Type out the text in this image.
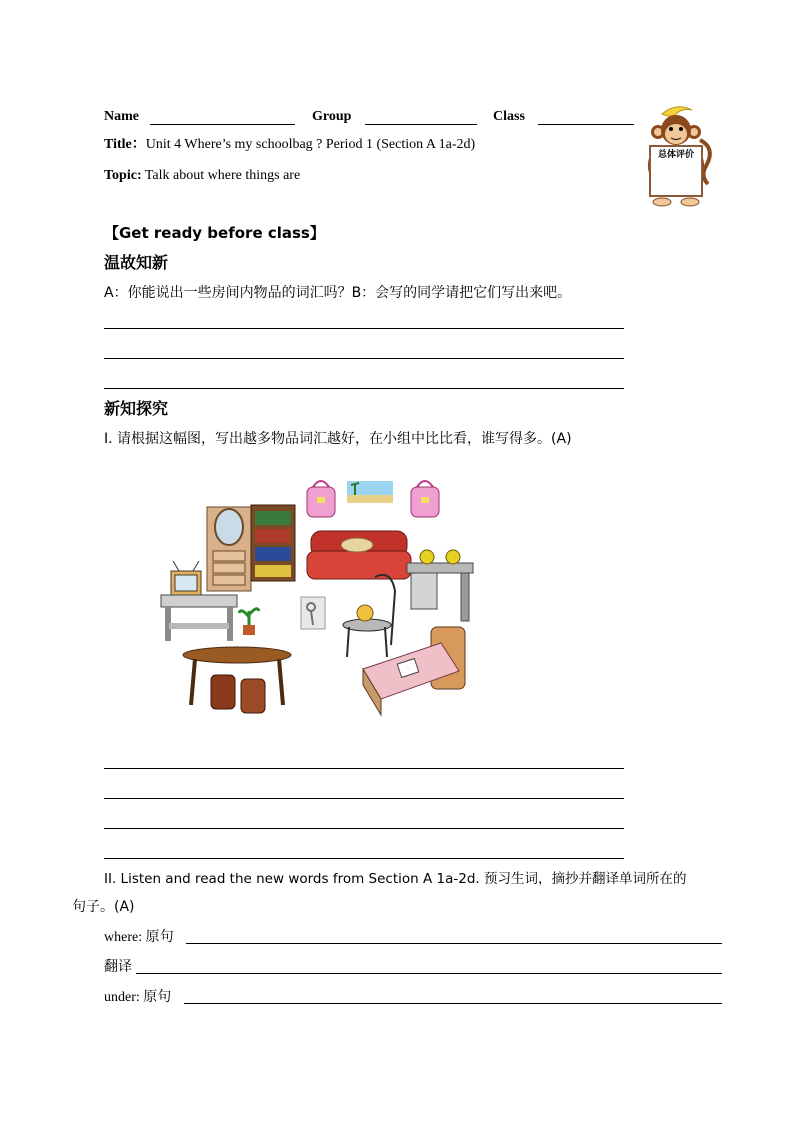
Name	Group	Class
Title：Unit 4 Where’s my schoolbag ? Period 1 (Section A 1a-2d)
Topic: Talk about where things are
总体评价
【Get ready before class】
温故知新
A：你能说出一些房间内物品的词汇吗？B：会写的同学请把它们写出来吧。
新知探究
I. 请根据这幅图，写出越多物品词汇越好，在小组中比比看，谁写得多。(A)
II. Listen and read the new words from Section A 1a-2d. 预习生词，摘抄并翻译单词所在的
句子。(A)
where: 原句
翻译
under: 原句
